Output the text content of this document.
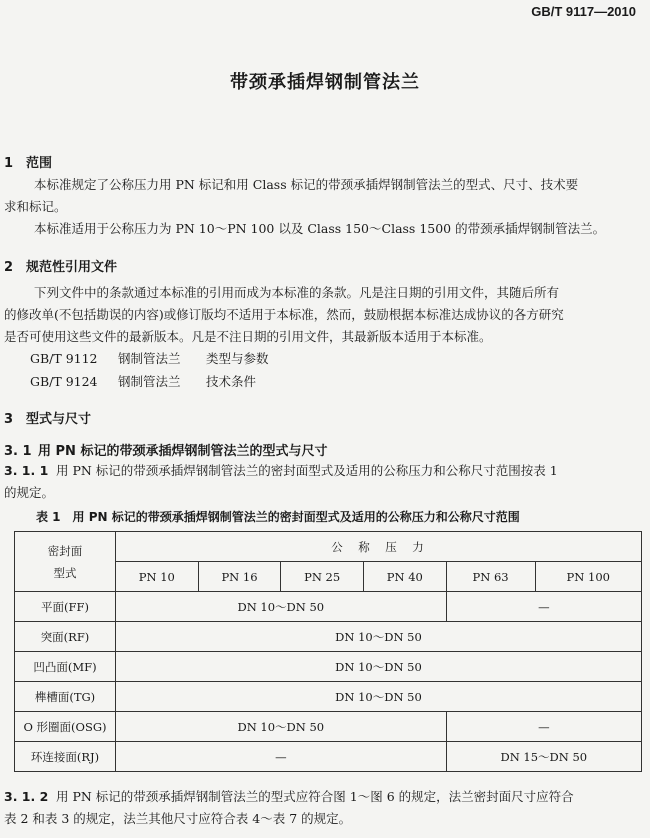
GB/T 9117—2010
带颈承插焊钢制管法兰
1 范围
本标准规定了公称压力用 PN 标记和用 Class 标记的带颈承插焊钢制管法兰的型式、尺寸、技术要
求和标记。
本标准适用于公称压力为 PN 10～PN 100 以及 Class 150～Class 1500 的带颈承插焊钢制管法兰。
2 规范性引用文件
下列文件中的条款通过本标准的引用而成为本标准的条款。凡是注日期的引用文件，其随后所有
的修改单(不包括勘误的内容)或修订版均不适用于本标准，然而，鼓励根据本标准达成协议的各方研究
是否可使用这些文件的最新版本。凡是不注日期的引用文件，其最新版本适用于本标准。
GB/T 9112 钢制管法兰 类型与参数
GB/T 9124 钢制管法兰 技术条件
3 型式与尺寸
3. 1 用 PN 标记的带颈承插焊钢制管法兰的型式与尺寸
3. 1. 1 用 PN 标记的带颈承插焊钢制管法兰的密封面型式及适用的公称压力和公称尺寸范围按表 1
的规定。
表 1　用 PN 标记的带颈承插焊钢制管法兰的密封面型式及适用的公称压力和公称尺寸范围
密封面
型式	公　称　压　力					
	PN 10	PN 16	PN 25	PN 40	PN 63	PN 100
平面(FF)	DN 10～DN 50				—	
突面(RF)	DN 10～DN 50					
凹凸面(MF)	DN 10～DN 50					
榫槽面(TG)	DN 10～DN 50					
O 形圈面(OSG)	DN 10～DN 50				—	
环连接面(RJ)	—				DN 15～DN 50	
3. 1. 2 用 PN 标记的带颈承插焊钢制管法兰的型式应符合图 1～图 6 的规定，法兰密封面尺寸应符合
表 2 和表 3 的规定，法兰其他尺寸应符合表 4～表 7 的规定。
